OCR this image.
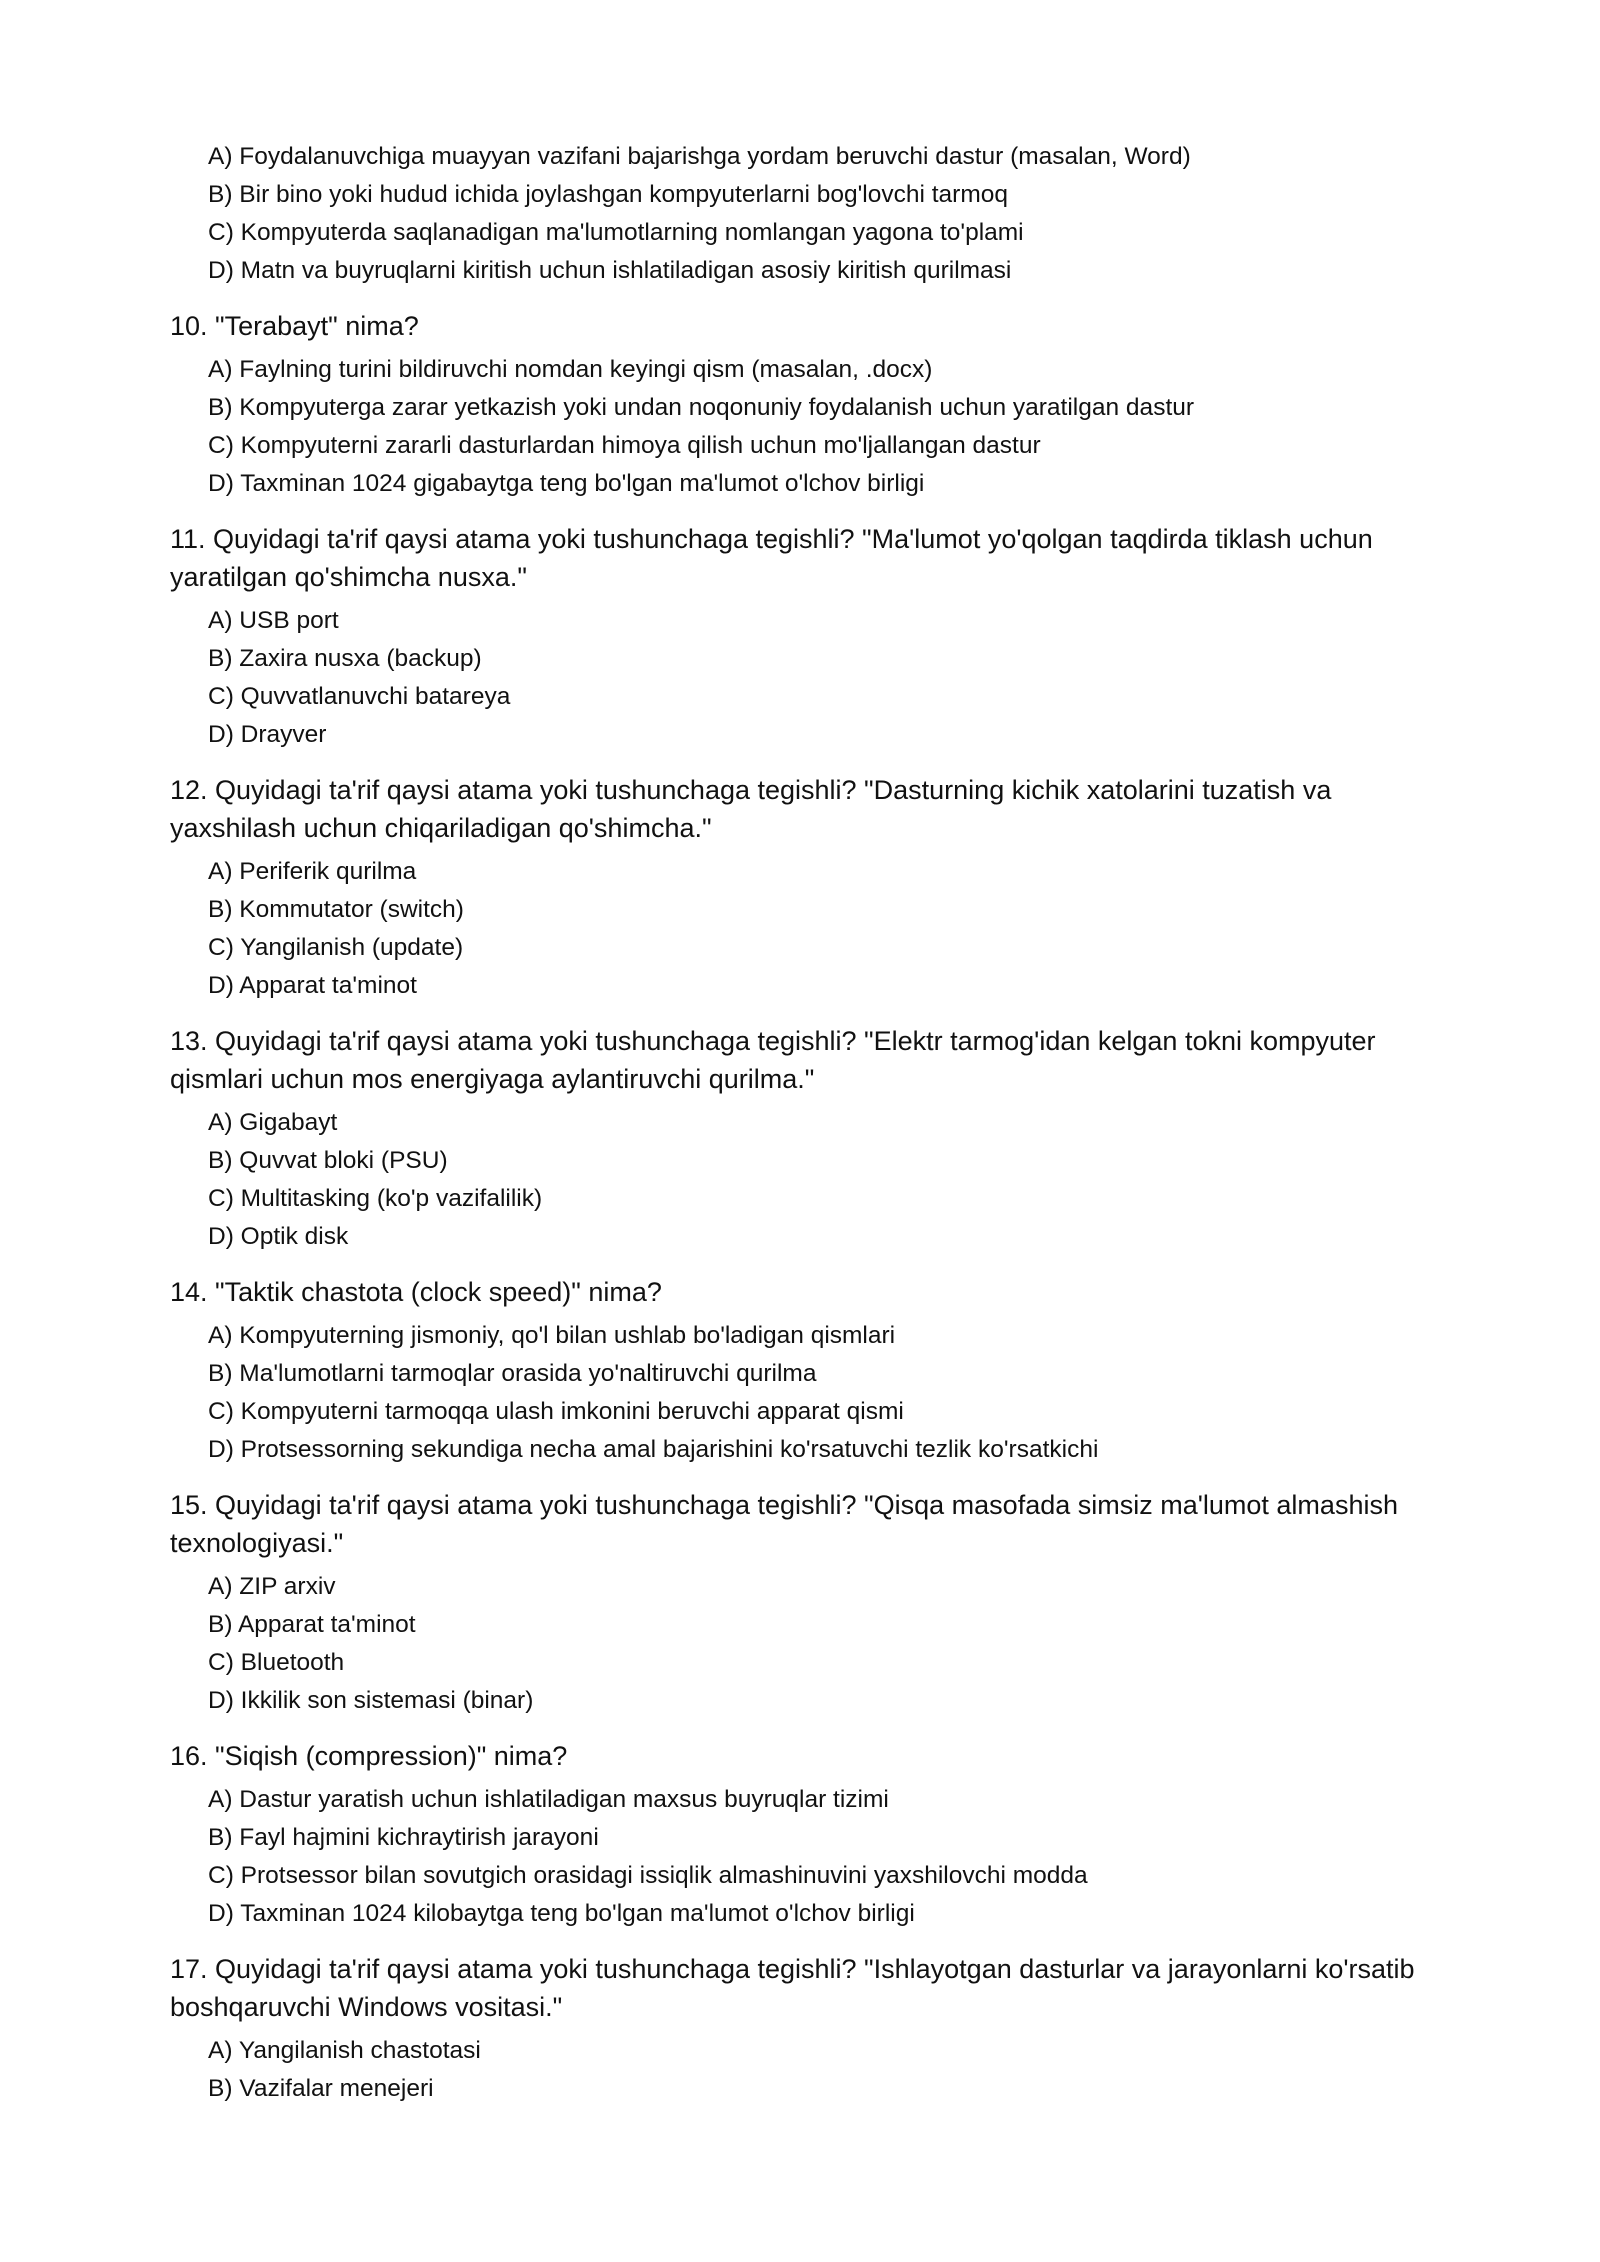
A) Foydalanuvchiga muayyan vazifani bajarishga yordam beruvchi dastur (masalan, Word)
B) Bir bino yoki hudud ichida joylashgan kompyuterlarni bog'lovchi tarmoq
C) Kompyuterda saqlanadigan ma'lumotlarning nomlangan yagona to'plami
D) Matn va buyruqlarni kiritish uchun ishlatiladigan asosiy kiritish qurilmasi
10. "Terabayt" nima?
A) Faylning turini bildiruvchi nomdan keyingi qism (masalan, .docx)
B) Kompyuterga zarar yetkazish yoki undan noqonuniy foydalanish uchun yaratilgan dastur
C) Kompyuterni zararli dasturlardan himoya qilish uchun mo'ljallangan dastur
D) Taxminan 1024 gigabaytga teng bo'lgan ma'lumot o'lchov birligi
11. Quyidagi ta'rif qaysi atama yoki tushunchaga tegishli? "Ma'lumot yo'qolgan taqdirda tiklash uchun yaratilgan qo'shimcha nusxa."
A) USB port
B) Zaxira nusxa (backup)
C) Quvvatlanuvchi batareya
D) Drayver
12. Quyidagi ta'rif qaysi atama yoki tushunchaga tegishli? "Dasturning kichik xatolarini tuzatish va yaxshilash uchun chiqariladigan qo'shimcha."
A) Periferik qurilma
B) Kommutator (switch)
C) Yangilanish (update)
D) Apparat ta'minot
13. Quyidagi ta'rif qaysi atama yoki tushunchaga tegishli? "Elektr tarmog'idan kelgan tokni kompyuter qismlari uchun mos energiyaga aylantiruvchi qurilma."
A) Gigabayt
B) Quvvat bloki (PSU)
C) Multitasking (ko'p vazifalilik)
D) Optik disk
14. "Taktik chastota (clock speed)" nima?
A) Kompyuterning jismoniy, qo'l bilan ushlab bo'ladigan qismlari
B) Ma'lumotlarni tarmoqlar orasida yo'naltiruvchi qurilma
C) Kompyuterni tarmoqqa ulash imkonini beruvchi apparat qismi
D) Protsessorning sekundiga necha amal bajarishini ko'rsatuvchi tezlik ko'rsatkichi
15. Quyidagi ta'rif qaysi atama yoki tushunchaga tegishli? "Qisqa masofada simsiz ma'lumot almashish texnologiyasi."
A) ZIP arxiv
B) Apparat ta'minot
C) Bluetooth
D) Ikkilik son sistemasi (binar)
16. "Siqish (compression)" nima?
A) Dastur yaratish uchun ishlatiladigan maxsus buyruqlar tizimi
B) Fayl hajmini kichraytirish jarayoni
C) Protsessor bilan sovutgich orasidagi issiqlik almashinuvini yaxshilovchi modda
D) Taxminan 1024 kilobaytga teng bo'lgan ma'lumot o'lchov birligi
17. Quyidagi ta'rif qaysi atama yoki tushunchaga tegishli? "Ishlayotgan dasturlar va jarayonlarni ko'rsatib boshqaruvchi Windows vositasi."
A) Yangilanish chastotasi
B) Vazifalar menejeri
